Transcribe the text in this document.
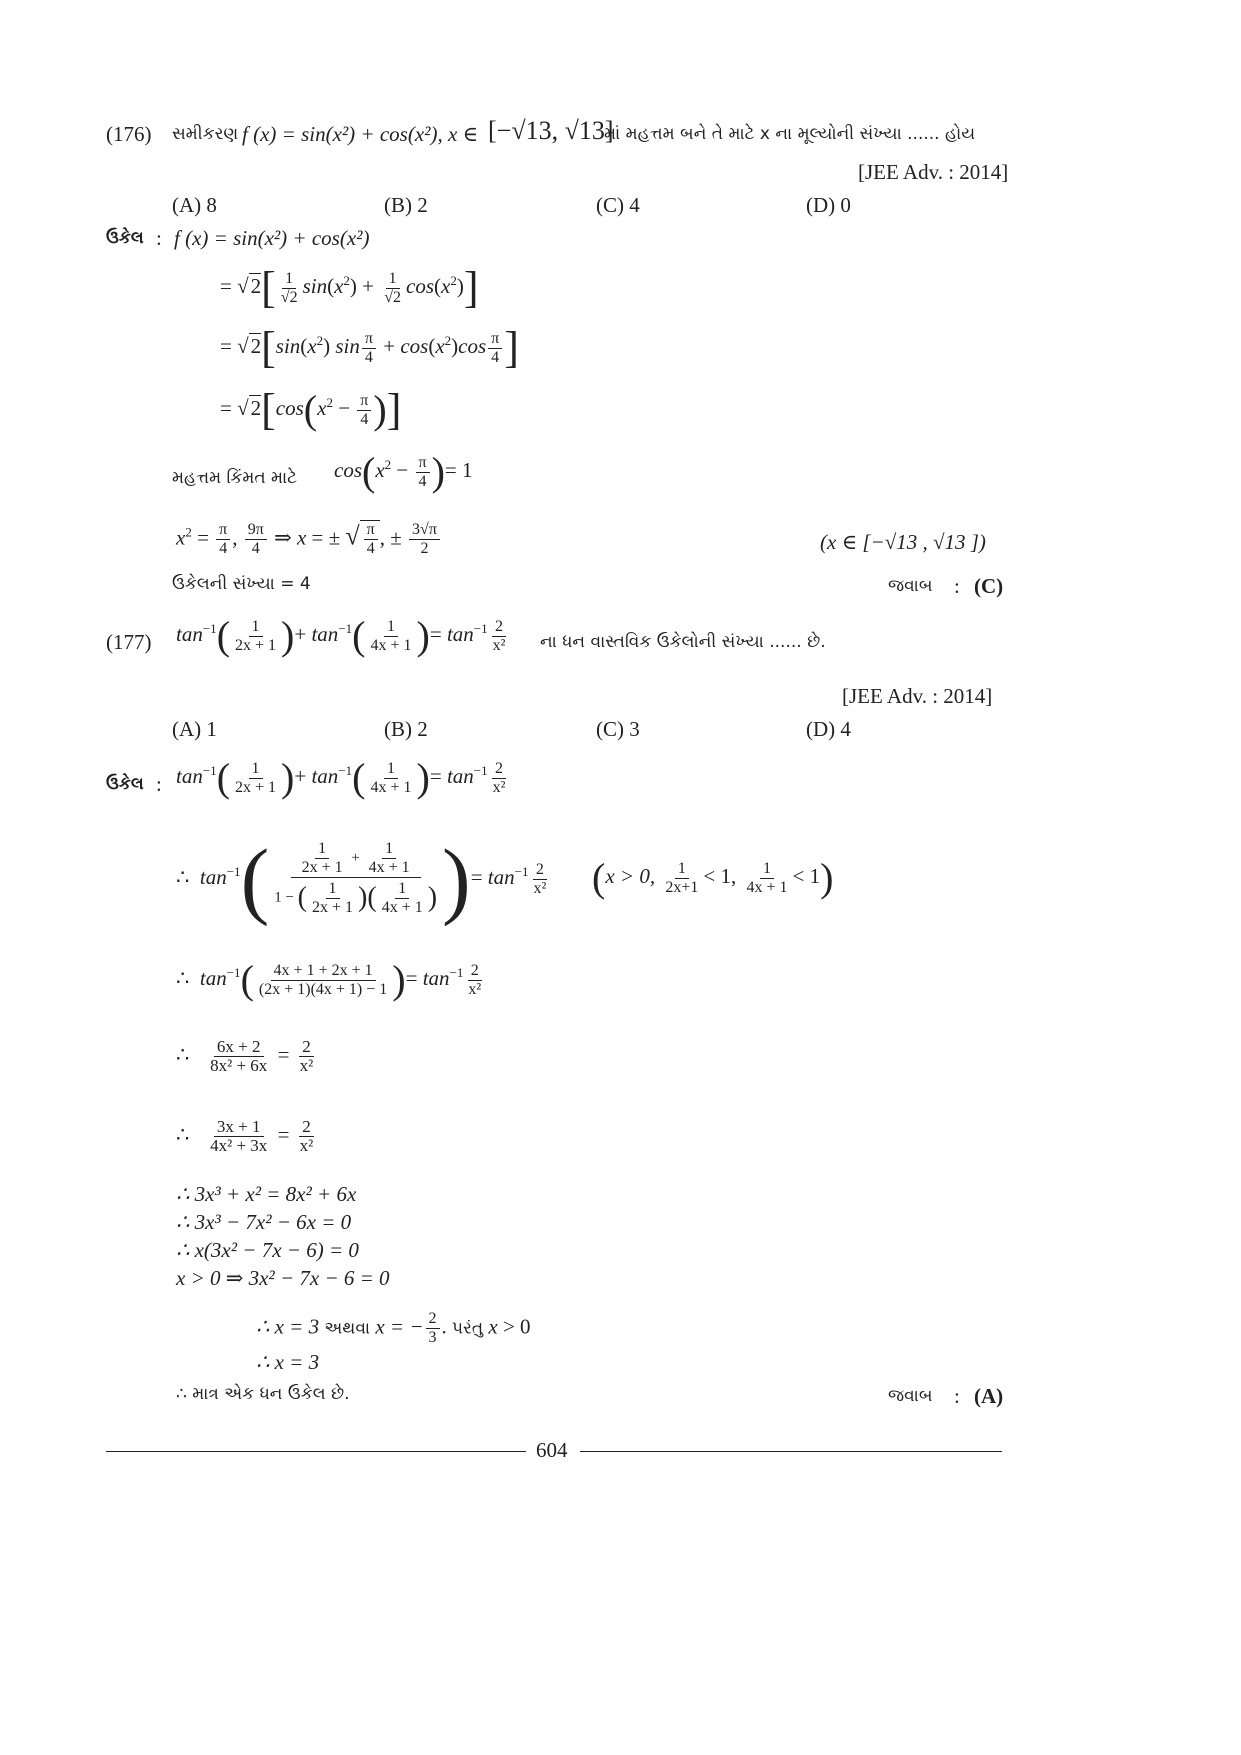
(176) સમીકરણ f (x) = sin(x²) + cos(x²), x ∈ [−√13, √13]
માં મહત્તમ બને તે માટે x ના મૂલ્યોની સંખ્યા ...... હોય
[JEE Adv. : 2014]
(A) 8	(B) 2	(C) 4	(D) 0
ઉકેલ : f (x) = sin(x²) + cos(x²)
= $√2[ \frac{1}{√2} \sin(x^2) + \frac{1}{√2} \cos(x^2)]$
= $√2[\sin(x^2)$ $\sin \frac{\pi}{4} + \cos(x^2)\cos \frac{\pi}{4}$ ]
= $√2[\cos(x^2 - \frac{\pi}{4}$ )]
મહત્તમ કિંમત માટે $\cos(x^2 - \frac{\pi}{4}$ )= 1
$x^2 = \frac{\pi}{4}$ , $\frac{9\pi}{4}$ ⇒ x = ± √ $\frac{\pi}{4}$ , ± $\frac{3√\pi}{2}$	(x ∈ [−√13 , √13 ])
ઉકેલની સંખ્યા = 4	જવાબ : (C)
(177) $\tan^{-1}( \frac{1}{2x + 1}$ )+ $\tan^{-1}( \frac{1}{4x + 1}$ )= $\tan^{-1} \frac{2}{\text{x²}}$ ના ધન વાસ્તવિક ઉકેલોની સંખ્યા ...... છે.
[JEE Adv. : 2014]
(A) 1	(B) 2	(C) 3	(D) 4
ઉકેલ : $\tan^{-1}( \frac{1}{2x + 1}$ )+ $\tan^{-1}( \frac{1}{4x + 1}$ )= $\tan^{-1} \frac{2}{\text{x²}}$
∴  $\tan^{-1}( \frac{\frac{1}{2x + 1} + \frac{1}{4x + 1}}{1 - ( \frac{1}{2x + 1} )( \frac{1}{4x + 1} )}$ )= $\tan^{-1} \frac{2}{\text{x²}} (x > 0$, $\frac{1}{2x+1} < 1$, $\frac{1}{4x + 1} < 1$)
∴  $\tan^{-1}( \frac{4x + 1 + 2x + 1}{(2x + 1)(4x + 1) - 1}$ )= $\tan^{-1} \frac{2}{\text{x²}}$
∴ $\frac{6x + 2}{\text{8x² + 6x}} = \frac{2}{\text{x²}}$
∴ $\frac{3x + 1}{\text{4x² + 3x}} = \frac{2}{\text{x²}}$
∴ 3x³ + x² = 8x² + 6x
∴ 3x³ − 7x² − 6x = 0
∴ x(3x² − 7x − 6) = 0
x > 0 ⇒ 3x² − 7x − 6 = 0
∴ x = 3 અથવા x = − $\frac{2}{3}$ . પરંતુ x > 0
∴ x = 3
∴ માત્ર એક ધન ઉકેલ છે.	જવાબ : (A)
604
